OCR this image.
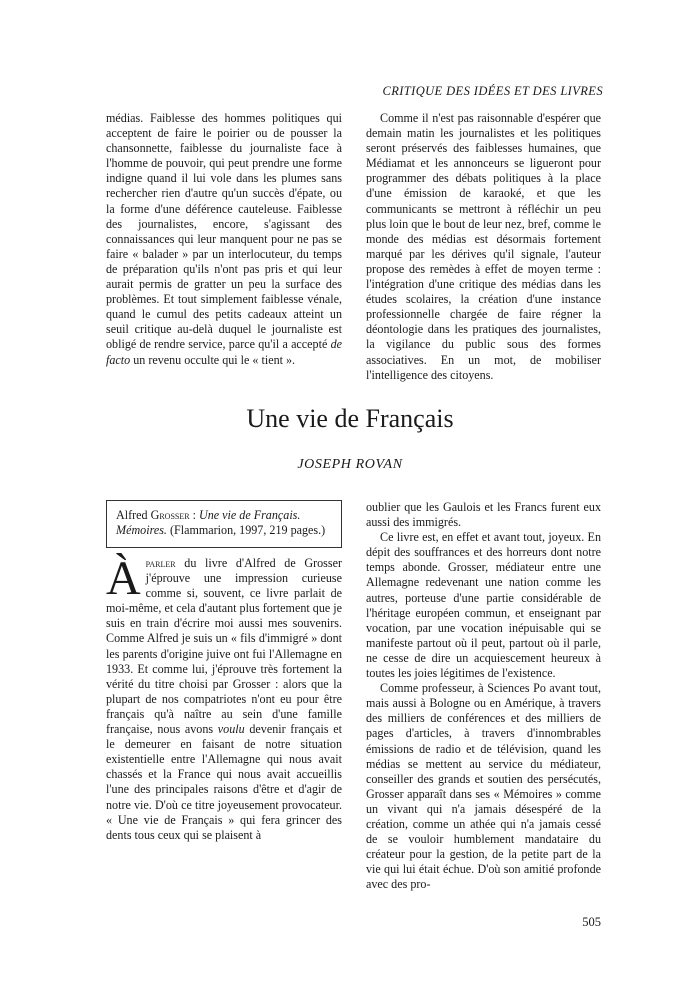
CRITIQUE DES IDÉES ET DES LIVRES

médias. Faiblesse des hommes politiques qui acceptent de faire le poirier ou de pousser la chansonnette, faiblesse du journaliste face à l'homme de pouvoir, qui peut prendre une forme indigne quand il lui vole dans les plumes sans rechercher rien d'autre qu'un succès d'épate, ou la forme d'une déférence cauteleuse. Faiblesse des journalistes, encore, s'agissant des connaissances qui leur manquent pour ne pas se faire « balader » par un interlocuteur, du temps de préparation qu'ils n'ont pas pris et qui leur aurait permis de gratter un peu la surface des problèmes. Et tout simplement faiblesse vénale, quand le cumul des petits cadeaux atteint un seuil critique au-delà duquel le journaliste est obligé de rendre service, parce qu'il a accepté de facto un revenu occulte qui le « tient ».

Comme il n'est pas raisonnable d'espérer que demain matin les journalistes et les politiques seront préservés des faiblesses humaines, que Médiamat et les annonceurs se ligueront pour programmer des débats politiques à la place d'une émission de karaoké, et que les communicants se mettront à réfléchir un peu plus loin que le bout de leur nez, bref, comme le monde des médias est désormais fortement marqué par les dérives qu'il signale, l'auteur propose des remèdes à effet de moyen terme : l'intégration d'une critique des médias dans les études scolaires, la création d'une instance professionnelle chargée de faire régner la déontologie dans les pratiques des journalistes, la vigilance du public sous des formes associatives. En un mot, de mobiliser l'intelligence des citoyens.

Une vie de Français
JOSEPH ROVAN
Alfred Grosser : Une vie de Français. Mémoires. (Flammarion, 1997, 219 pages.)

Àparler du livre d'Alfred de Grosser j'éprouve une impression curieuse comme si, souvent, ce livre parlait de moi-même, et cela d'autant plus fortement que je suis en train d'écrire moi aussi mes souvenirs. Comme Alfred je suis un « fils d'immigré » dont les parents d'origine juive ont fui l'Allemagne en 1933. Et comme lui, j'éprouve très fortement la vérité du titre choisi par Grosser : alors que la plupart de nos compatriotes n'ont eu pour être français qu'à naître au sein d'une famille française, nous avons voulu devenir français et le demeurer en faisant de notre situation existentielle entre l'Allemagne qui nous avait chassés et la France qui nous avait accueillis l'une des principales raisons d'être et d'agir de notre vie. D'où ce titre joyeusement provocateur. « Une vie de Français » qui fera grincer des dents tous ceux qui se plaisent à

oublier que les Gaulois et les Francs furent eux aussi des immigrés.

Ce livre est, en effet et avant tout, joyeux. En dépit des souffrances et des horreurs dont notre temps abonde. Grosser, médiateur entre une Allemagne redevenant une nation comme les autres, porteuse d'une partie considérable de l'héritage européen commun, et enseignant par vocation, par une vocation inépuisable qui se manifeste partout où il peut, partout où il parle, ne cesse de dire un acquiescement heureux à toutes les joies légitimes de l'existence.

Comme professeur, à Sciences Po avant tout, mais aussi à Bologne ou en Amérique, à travers des milliers de conférences et des milliers de pages d'articles, à travers d'innombrables émissions de radio et de télévision, quand les médias se mettent au service du médiateur, conseiller des grands et soutien des persécutés, Grosser apparaît dans ses « Mémoires » comme un vivant qui n'a jamais désespéré de la création, comme un athée qui n'a jamais cessé de se vouloir humblement mandataire du créateur pour la gestion, de la petite part de la vie qui lui était échue. D'où son amitié profonde avec des pro-

505
